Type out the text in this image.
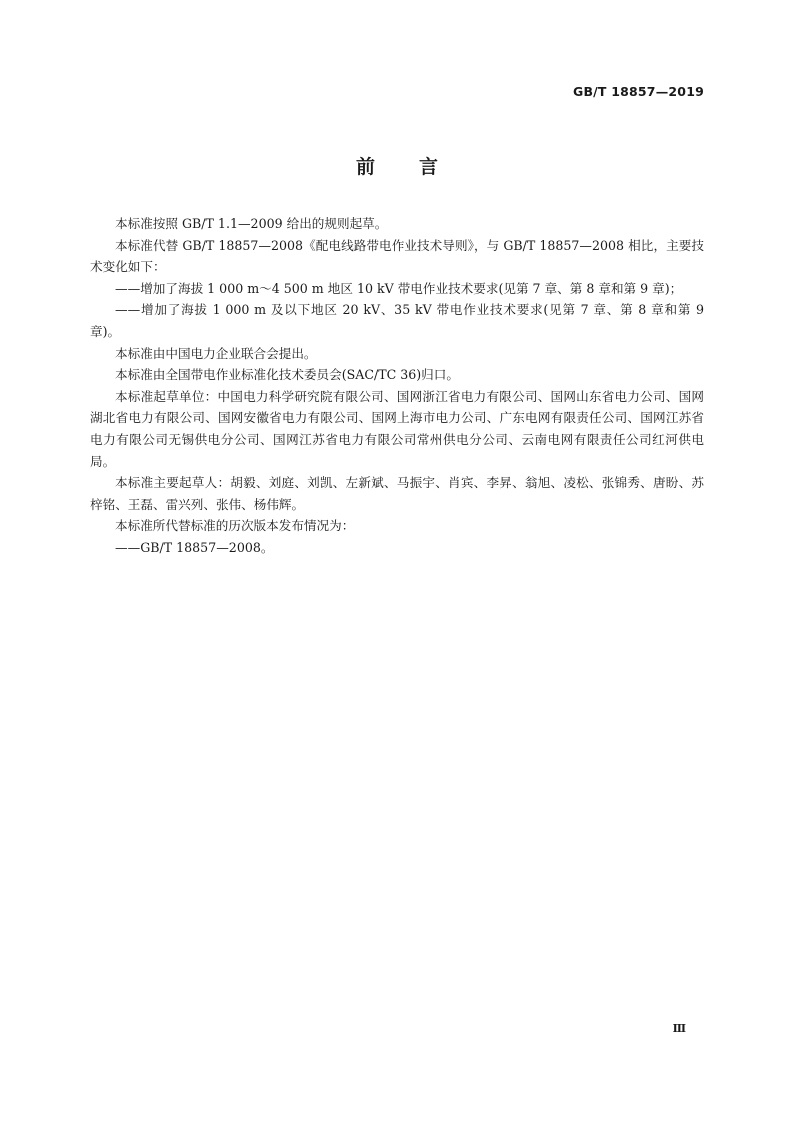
GB/T 18857—2019
前 言

本标准按照 GB/T 1.1—2009 给出的规则起草。

本标准代替 GB/T 18857—2008《配电线路带电作业技术导则》，与 GB/T 18857—2008 相比，主要技术变化如下：

——增加了海拔 1 000 m～4 500 m 地区 10 kV 带电作业技术要求(见第 7 章、第 8 章和第 9 章)；

——增加了海拔 1 000 m 及以下地区 20 kV、35 kV 带电作业技术要求(见第 7 章、第 8 章和第 9 章)。

本标准由中国电力企业联合会提出。

本标准由全国带电作业标准化技术委员会(SAC/TC 36)归口。

本标准起草单位：中国电力科学研究院有限公司、国网浙江省电力有限公司、国网山东省电力公司、国网湖北省电力有限公司、国网安徽省电力有限公司、国网上海市电力公司、广东电网有限责任公司、国网江苏省电力有限公司无锡供电分公司、国网江苏省电力有限公司常州供电分公司、云南电网有限责任公司红河供电局。

本标准主要起草人：胡毅、刘庭、刘凯、左新斌、马振宇、肖宾、李昇、翁旭、凌松、张锦秀、唐盼、苏梓铭、王磊、雷兴列、张伟、杨伟辉。

本标准所代替标准的历次版本发布情况为：

——GB/T 18857—2008。

Ⅲ
